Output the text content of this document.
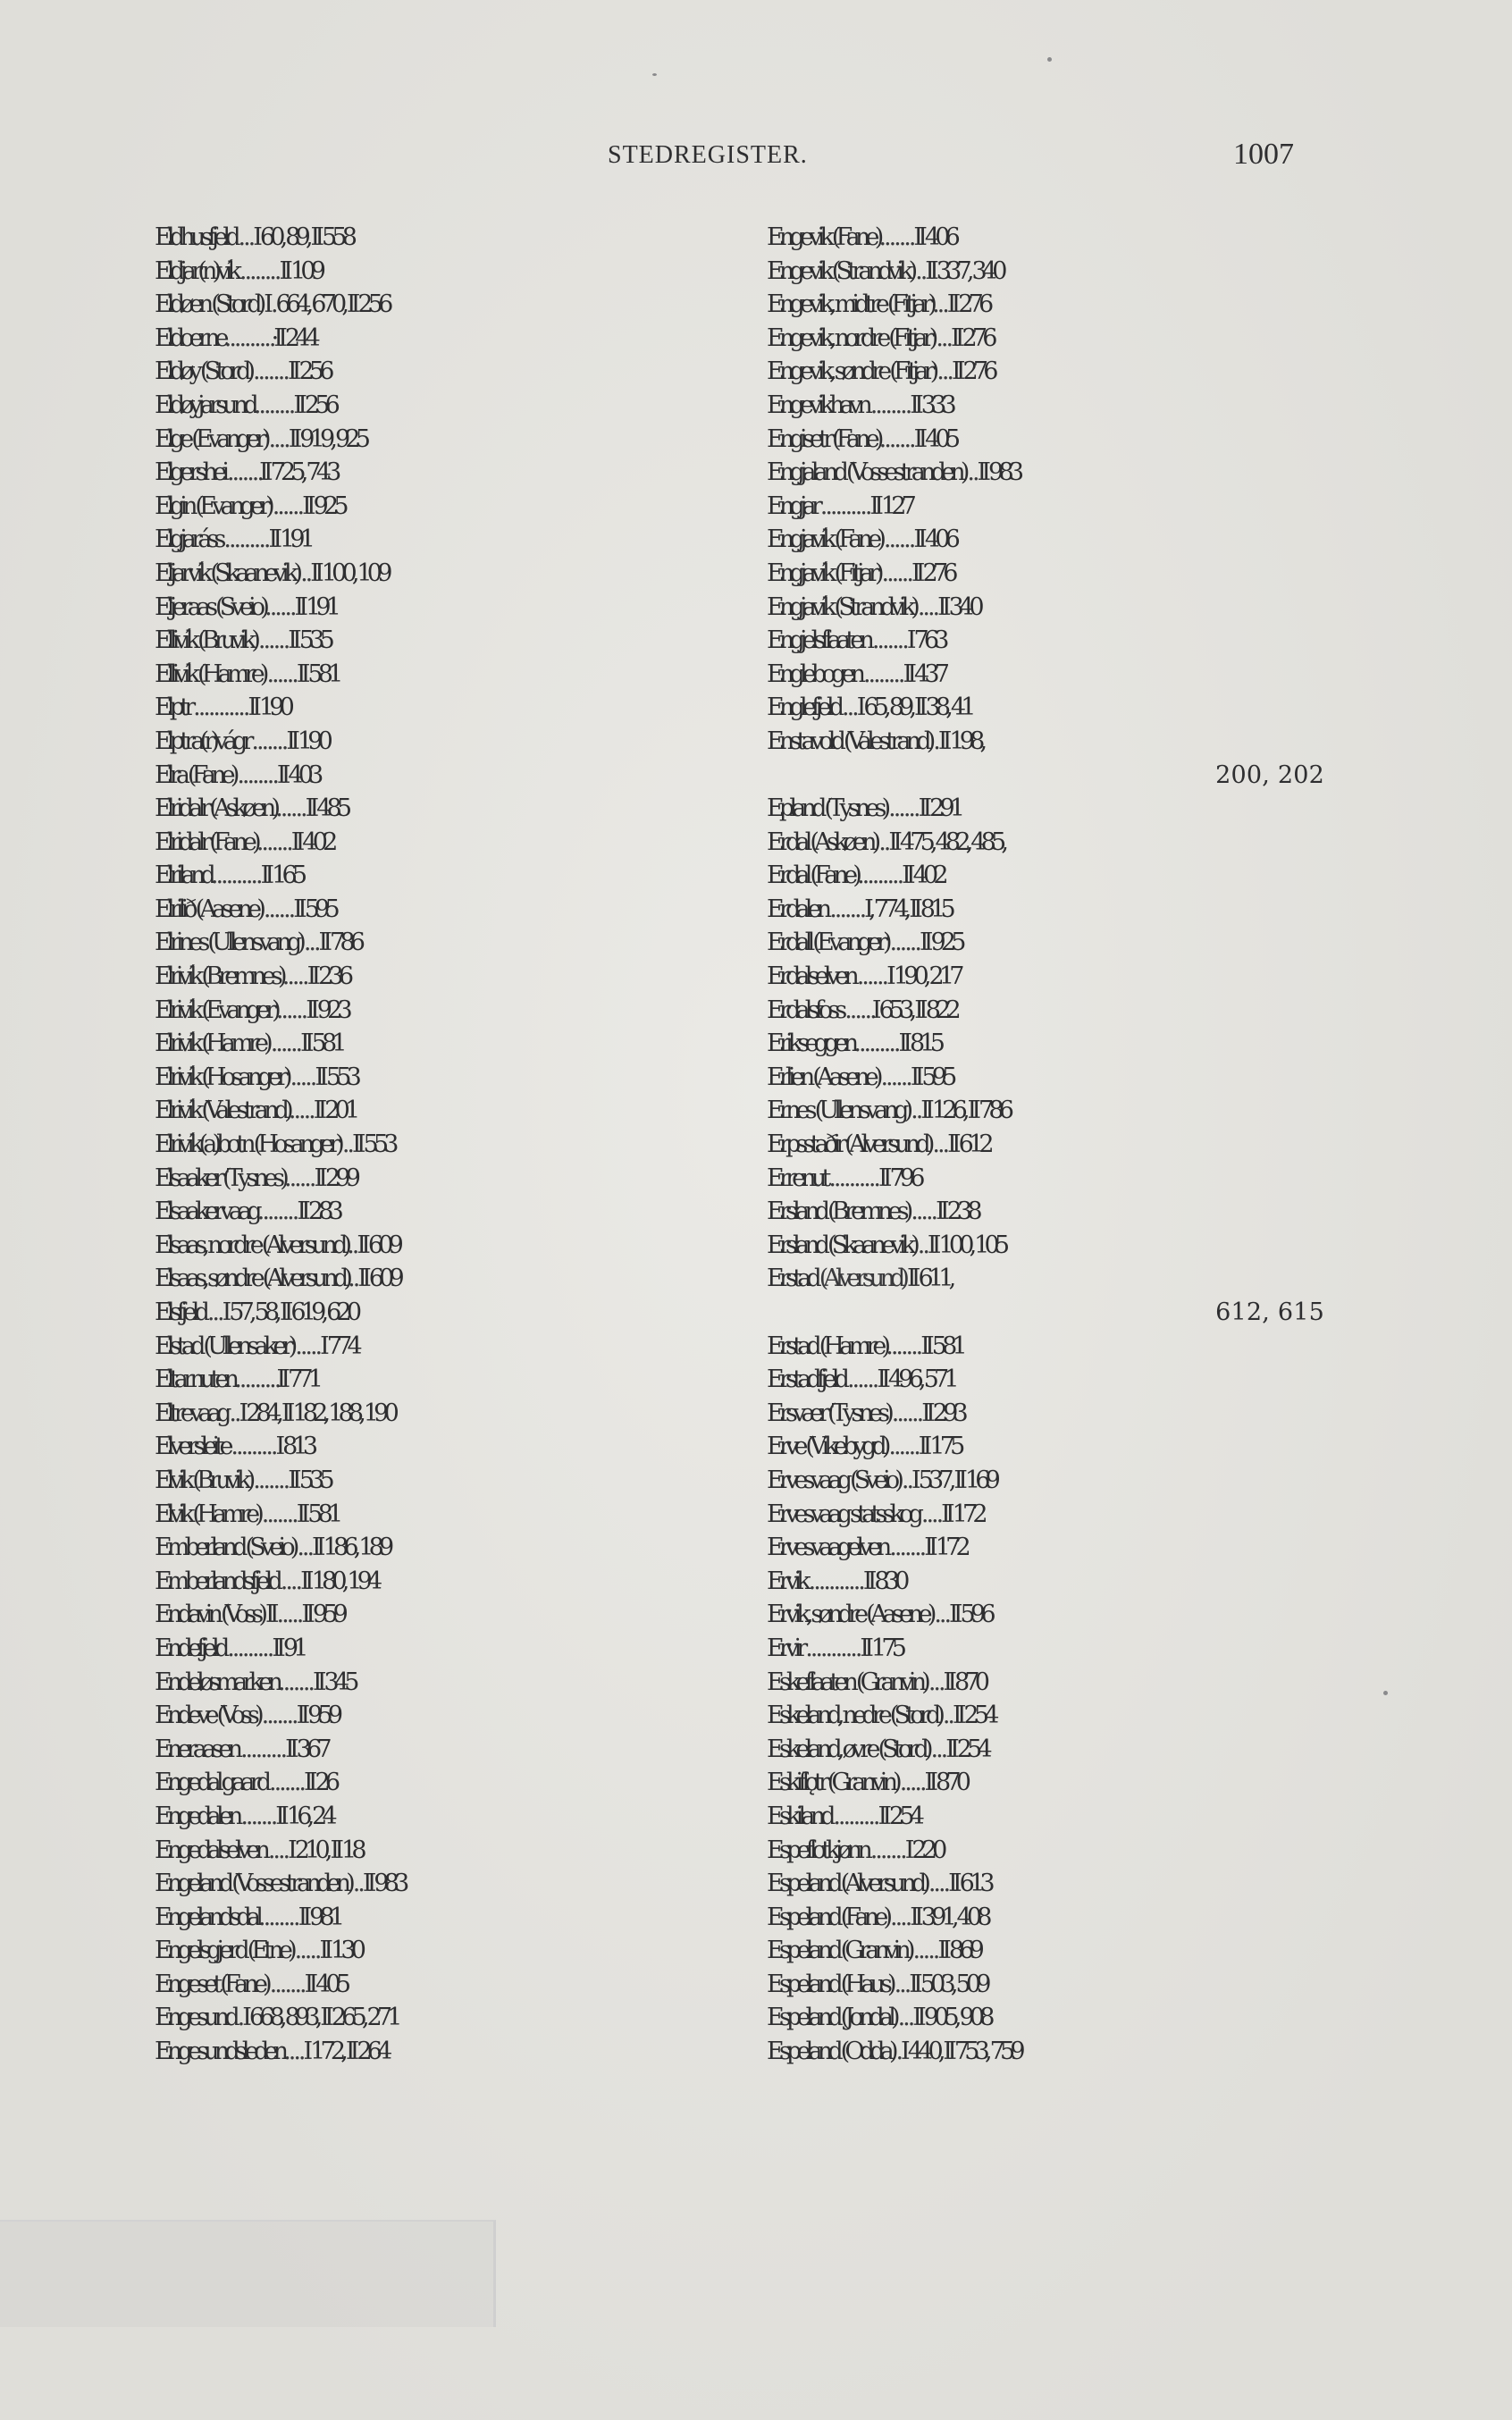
STEDREGISTER.	1007
Eldhusfjeld . . . I 60, 89, II 558
Eldjar(n)vík . . . . . . . . II 109
Eldøen (Stord) I . 664, 670, II 256
Eldoerne. . . . . . . . . .·II 244
Eldøy (Stord) . . . . . . . II 256
Eldøyjarsund. . . . . . . . II 256
Elge (Evanger) . . . . II 919, 925
Elgershei . . . . . . .II 725, 743
Elgin (Evanger) . . . . . . II 925
Elgjaráss . . . . . . . . . II 191
Eljarvík (Skaanevik) . . II 100, 109
Eljeraas (Sveio). . . . . . II 191
Ellivík (Bruvik) . . . . . . II 535
Ellivík (Hamre) . . . . . . II 581
Elptr . . . . . . . . . . . II 190
Elptra(r)vágr . . . . . . . II 190
Elra (Fane) . . . . . . . . II 403
Elridalr (Askøen). . . . . . II 485
Elridalr (Fane). . . . . . . II 402
Elriland. . . . . . . . . . II 165
Elrilið (Aasene) . . . . . . II 595
Elrines (Ullensvang) . . . II 786
Elrivík (Bremnes). . . . . II 236
Elrivík (Evanger). . . . . . II 923
Elrivík (Hamre) . . . . . . II 581
Elrivík (Hosanger) . . . . . II 553
Elrivík (Valestrand). . . . . II 201
Elrivík(a)botn (Hosanger) . . II 553
Elsaaker (Tysnes). . . . . . II 299
Elsaakervaag. . . . . . . . II 283
Elsaas, nordre (Alversund). . II 609
Elsaas, søndre (Alversund). . II 609
Elsfjeld . . . I 57, 58, II 619, 620
Elstad (Ullensaker) . . . . . I 774
Eltarnuten. . . . . . . . .II 771
Eltrevaag . . I 284, II 182, 188, 190
Elversleite . . . . . . . . . I 813
Elvik (Bruvik) . . . . . . . II 535
Elvik (Hamre) . . . . . . . II 581
Emberland (Sveio) . . . II 186, 189
Emberlandsfjeld . . . . II 180, 194
Endavin (Voss) II . . . . . II 959
Endefjeld . . . . . . . . . II 91
Endeløsmarken. . . . . . . II 345
Endeve (Voss) . . . . . . . II 959
Eneraasen . . . . . . . . . II 367
Engedal gaard . . . . . . . II 26
Engedalen . . . . . . . II 16, 24
Engedalselven . . . . I 210, II 18
Engeland (Vossestranden) . . II 983
Engelandsdal. . . . . . . . II 981
Engelsgjerd (Etne) . . . . . II 130
Engeset (Fane) . . . . . . . II 405
Engesund . I 668, 893, II 265, 271
Engesundsleden. . . . I 172, II 264
Engevik (Fane). . . . . . . II 406
Engevik (Strandvik) . . II 337, 340
Engevik, midtre (Fitjar). . . II 276
Engevik, nordre (Fitjar) . . . II 276
Engevik, søndre (Fitjar) . . . II 276
Engevikhavn . . . . . . . . II 333
Engisetr (Fane). . . . . . . II 405
Engjaland (Vossestranden) . . II 983
Engjar . . . . . . . . . . II 127
Engjavík (Fane) . . . . . . II 406
Engjavík (Fitjar) . . . . . . II 276
Engjavík (Strandvik) . . . . II 340
Engjelsflaaten . . . . . . . I 763
Englebogen . . . . . . . . II 437
Englefjeld . . . I 65, 89, II 38, 41
Enstavold (Valestrand) . II 198,
200, 202
Epland (Tysnes) . . . . . . II 291
Erdal (Askøen) . . II 475, 482, 485,
Erdal (Fane). . . . . . . . . II 402
Erdalen . . . . . . . I, 774, II 815
Erdall (Evanger) . . . . . . II 925
Erdalselven . . . . . . I 190, 217
Erdalsfoss . . . . . .I 653, II 822
Erikseggen. . . . . . . . . II 815
Erlien (Aasene) . . . . . . II 595
Ernes (Ullensvang) . . II 126, II 786
Erpsstaðir (Alversund) . . . II 612
Errenut . . . . . . . . . . II 796
Ersland (Bremnes) . . . . . II 238
Ersland (Skaanevik) . . II 100, 105
Erstad (Alversund) II 611,
612, 615
Erstad (Hamre). . . . . . . II 581
Erstadfjeld . . . . . . II 496, 571
Ersvær (Tysnes) . . . . . . II 293
Erve (Vikebygd) . . . . . . II 175
Ervesvaag (Sveio) . . I 537, II 169
Ervesvaag statsskog . . . . II 172
Ervesvaagelven . . . . . . . II 172
Ervik . . . . . . . . . . . II 830
Ervik, søndre (Aasene) . . . II 596
Ervir . . . . . . . . . . . II 175
Eskeflaaten (Granvin) . . . II 870
Eskeland, nedre (Stord) . . II 254
Eskeland, øvre (Stord) . . . II 254
Eskiflǫtr (Granvin) . . . . . II 870
Eskiland . . . . . . . . . II 254
Espeflotkjønn . . . . . . . I 220
Espeland (Alversund) . . . . II 613
Espeland (Fane) . . . . II 391, 408
Espeland (Granvin) . . . . . II 869
Espeland (Haus) . . . II 503, 509
Espeland (Jondal) . . . II 905, 908
Espeland (Odda) . I 440, II 753, 759
